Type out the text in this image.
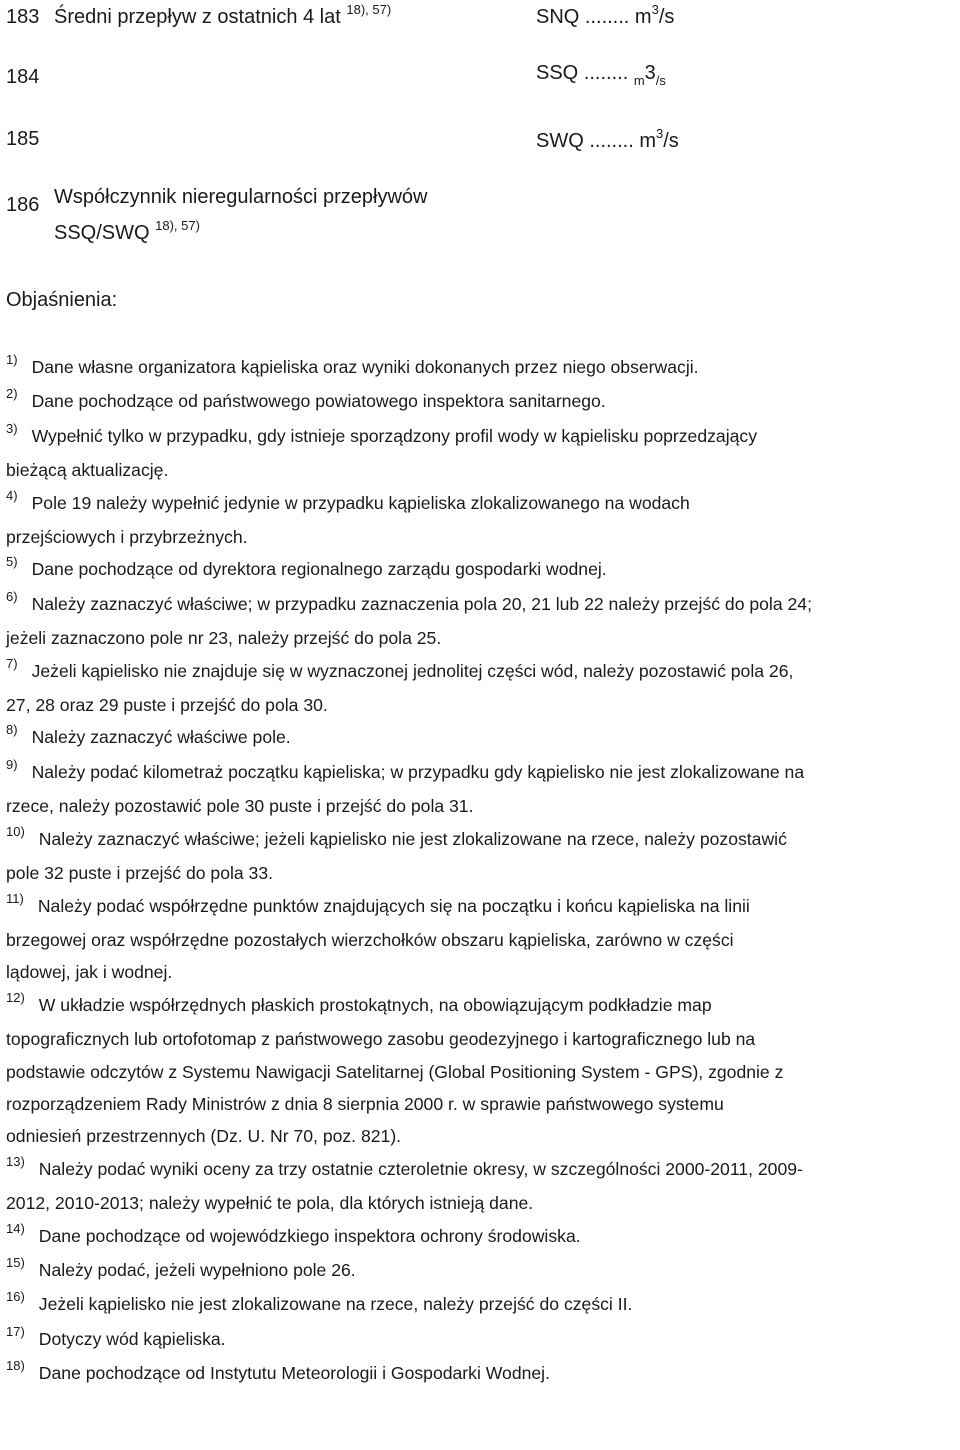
183 Średni przepływ z ostatnich 4 lat $^{18), 57)}$	SNQ ........ $m^3/s$
184	SSQ ........ $_m3_{/s}$
185	SWQ ........ $m^3/s$
186 Współczynnik nieregularności przepływów
SSQ/SWQ $^{18), 57)}$
Objaśnienia:
$^{1)}$ Dane własne organizatora kąpieliska oraz wyniki dokonanych przez niego obserwacji.
$^{2)}$ Dane pochodzące od państwowego powiatowego inspektora sanitarnego.
$^{3)}$ Wypełnić tylko w przypadku, gdy istnieje sporządzony profil wody w kąpielisku poprzedzający
bieżącą aktualizację.
$^{4)}$ Pole 19 należy wypełnić jedynie w przypadku kąpieliska zlokalizowanego na wodach
przejściowych i przybrzeżnych.
$^{5)}$ Dane pochodzące od dyrektora regionalnego zarządu gospodarki wodnej.
$^{6)}$ Należy zaznaczyć właściwe; w przypadku zaznaczenia pola 20, 21 lub 22 należy przejść do pola 24;
jeżeli zaznaczono pole nr 23, należy przejść do pola 25.
$^{7)}$ Jeżeli kąpielisko nie znajduje się w wyznaczonej jednolitej części wód, należy pozostawić pola 26,
27, 28 oraz 29 puste i przejść do pola 30.
$^{8)}$ Należy zaznaczyć właściwe pole.
$^{9)}$ Należy podać kilometraż początku kąpieliska; w przypadku gdy kąpielisko nie jest zlokalizowane na
rzece, należy pozostawić pole 30 puste i przejść do pola 31.
$^{10)}$ Należy zaznaczyć właściwe; jeżeli kąpielisko nie jest zlokalizowane na rzece, należy pozostawić
pole 32 puste i przejść do pola 33.
$^{11)}$ Należy podać współrzędne punktów znajdujących się na początku i końcu kąpieliska na linii
brzegowej oraz współrzędne pozostałych wierzchołków obszaru kąpieliska, zarówno w części
lądowej, jak i wodnej.
$^{12)}$ W układzie współrzędnych płaskich prostokątnych, na obowiązującym podkładzie map
topograficznych lub ortofotomap z państwowego zasobu geodezyjnego i kartograficznego lub na
podstawie odczytów z Systemu Nawigacji Satelitarnej (Global Positioning System - GPS), zgodnie z
rozporządzeniem Rady Ministrów z dnia 8 sierpnia 2000 r. w sprawie państwowego systemu
odniesień przestrzennych (Dz. U. Nr 70, poz. 821).
$^{13)}$ Należy podać wyniki oceny za trzy ostatnie czteroletnie okresy, w szczególności 2000-2011, 2009-
2012, 2010-2013; należy wypełnić te pola, dla których istnieją dane.
$^{14)}$ Dane pochodzące od wojewódzkiego inspektora ochrony środowiska.
$^{15)}$ Należy podać, jeżeli wypełniono pole 26.
$^{16)}$ Jeżeli kąpielisko nie jest zlokalizowane na rzece, należy przejść do części II.
$^{17)}$ Dotyczy wód kąpieliska.
$^{18)}$ Dane pochodzące od Instytutu Meteorologii i Gospodarki Wodnej.
